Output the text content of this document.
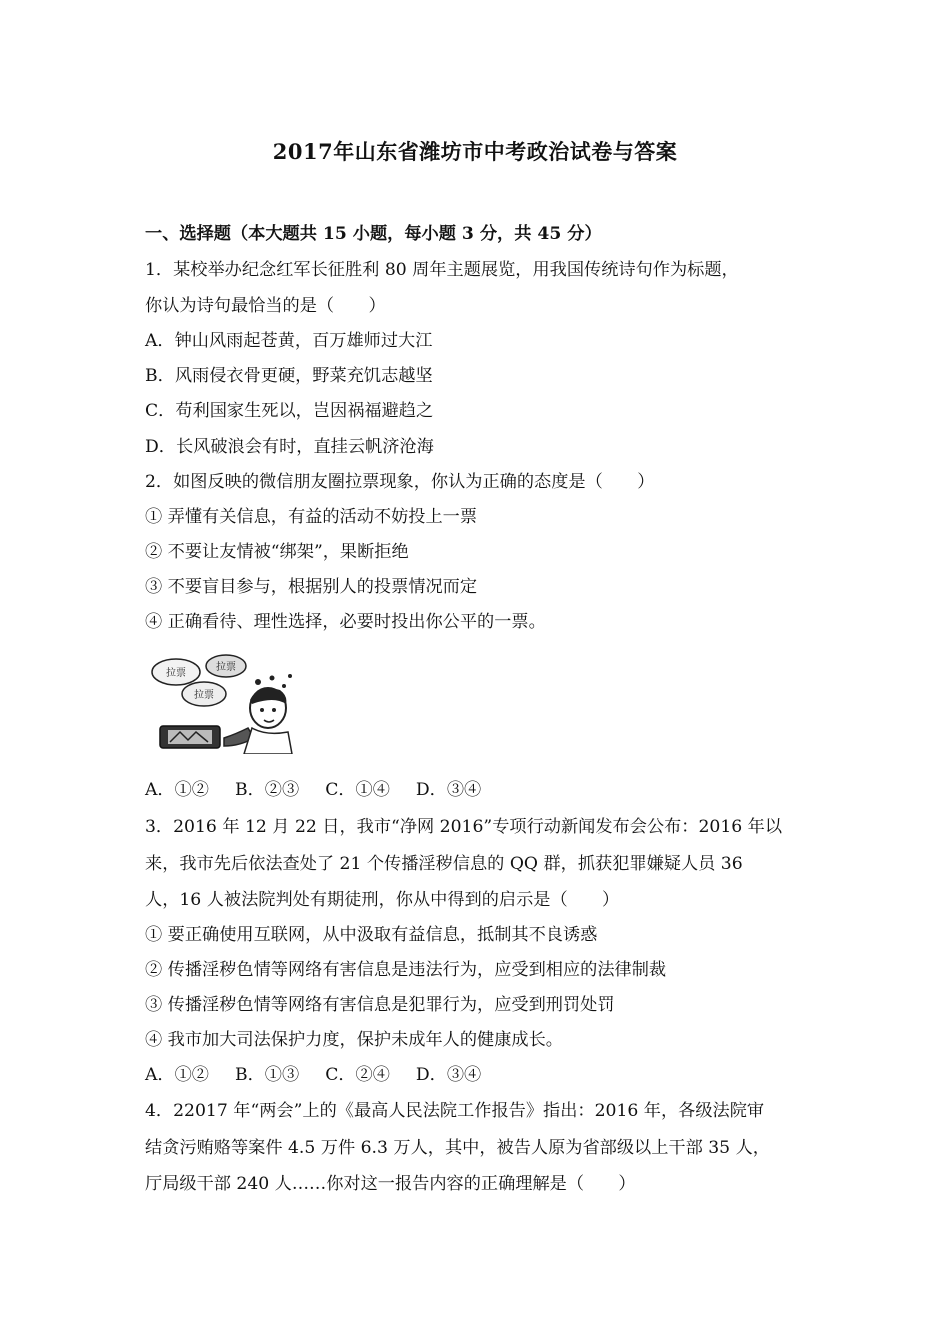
2017年山东省潍坊市中考政治试卷与答案
一、选择题（本大题共 15 小题，每小题 3 分，共 45 分）
1．某校举办纪念红军长征胜利 80 周年主题展览，用我国传统诗句作为标题，
你认为诗句最恰当的是（　　）
A．钟山风雨起苍黄，百万雄师过大江
B．风雨侵衣骨更硬，野菜充饥志越坚
C．苟利国家生死以，岂因祸福避趋之
D．长风破浪会有时，直挂云帆济沧海
2．如图反映的微信朋友圈拉票现象，你认为正确的态度是（　　）
① 弄懂有关信息，有益的活动不妨投上一票
② 不要让友情被“绑架”，果断拒绝
③ 不要盲目参与，根据别人的投票情况而定
④ 正确看待、理性选择，必要时投出你公平的一票。
拉票
拉票
拉票
A．①② B．②③ C．①④ D．③④
3．2016 年 12 月 22 日，我市“净网 2016”专项行动新闻发布会公布：2016 年以
来，我市先后依法查处了 21 个传播淫秽信息的 QQ 群，抓获犯罪嫌疑人员 36
人，16 人被法院判处有期徒刑，你从中得到的启示是（　　）
① 要正确使用互联网，从中汲取有益信息，抵制其不良诱惑
② 传播淫秽色情等网络有害信息是违法行为，应受到相应的法律制裁
③ 传播淫秽色情等网络有害信息是犯罪行为，应受到刑罚处罚
④ 我市加大司法保护力度，保护未成年人的健康成长。
A．①② B．①③ C．②④ D．③④
4．22017 年“两会”上的《最高人民法院工作报告》指出：2016 年，各级法院审
结贪污贿赂等案件 4.5 万件 6.3 万人，其中，被告人原为省部级以上干部 35 人，
厅局级干部 240 人……你对这一报告内容的正确理解是（　　）
